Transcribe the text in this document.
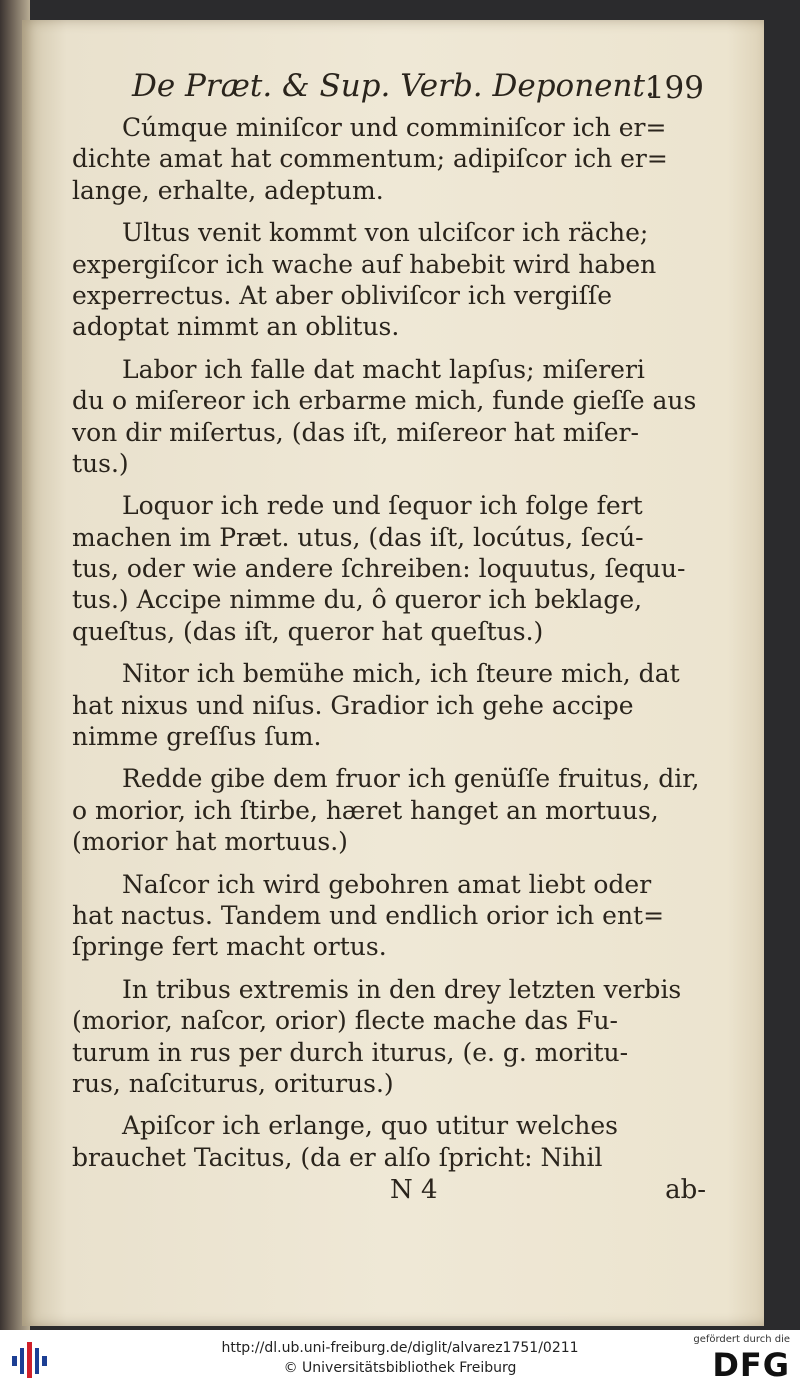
De Præt. & Sup. Verb. Deponent.
199
Cúmque miniſcor und comminiſcor ich er=
dichte amat hat commentum; adipiſcor ich er=
lange, erhalte, adeptum.
Ultus venit kommt von ulciſcor ich räche;
expergiſcor ich wache auf habebit wird haben
experrectus. At aber obliviſcor ich vergiſſe
adoptat nimmt an oblitus.
Labor ich falle dat macht lapſus; miſereri
du o miſereor ich erbarme mich, funde gieſſe aus
von dir miſertus, (das iſt, miſereor hat miſer-
tus.)
Loquor ich rede und ſequor ich folge fert
machen im Præt. utus, (das iſt, locútus, ſecú-
tus, oder wie andere ſchreiben: loquutus, ſequu-
tus.) Accipe nimme du, ô queror ich beklage,
queſtus, (das iſt, queror hat queſtus.)
Nitor ich bemühe mich, ich ſteure mich, dat
hat nixus und niſus. Gradior ich gehe accipe
nimme greſſus ſum.
Redde gibe dem fruor ich genüſſe fruitus, dir,
o morior, ich ſtirbe, hæret hanget an mortuus,
(morior hat mortuus.)
Naſcor ich wird gebohren amat liebt oder
hat nactus. Tandem und endlich orior ich ent=
ſpringe fert macht ortus.
In tribus extremis in den drey letzten verbis
(morior, naſcor, orior) flecte mache das Fu-
turum in rus per durch iturus, (e. g. moritu-
rus, naſciturus, oriturus.)
Apiſcor ich erlange, quo utitur welches
brauchet Tacitus, (da er alſo ſpricht: Nihil
N 4	ab-
http://dl.ub.uni-freiburg.de/diglit/alvarez1751/0211
© Universitätsbibliothek Freiburg
gefördert durch die
DFG
